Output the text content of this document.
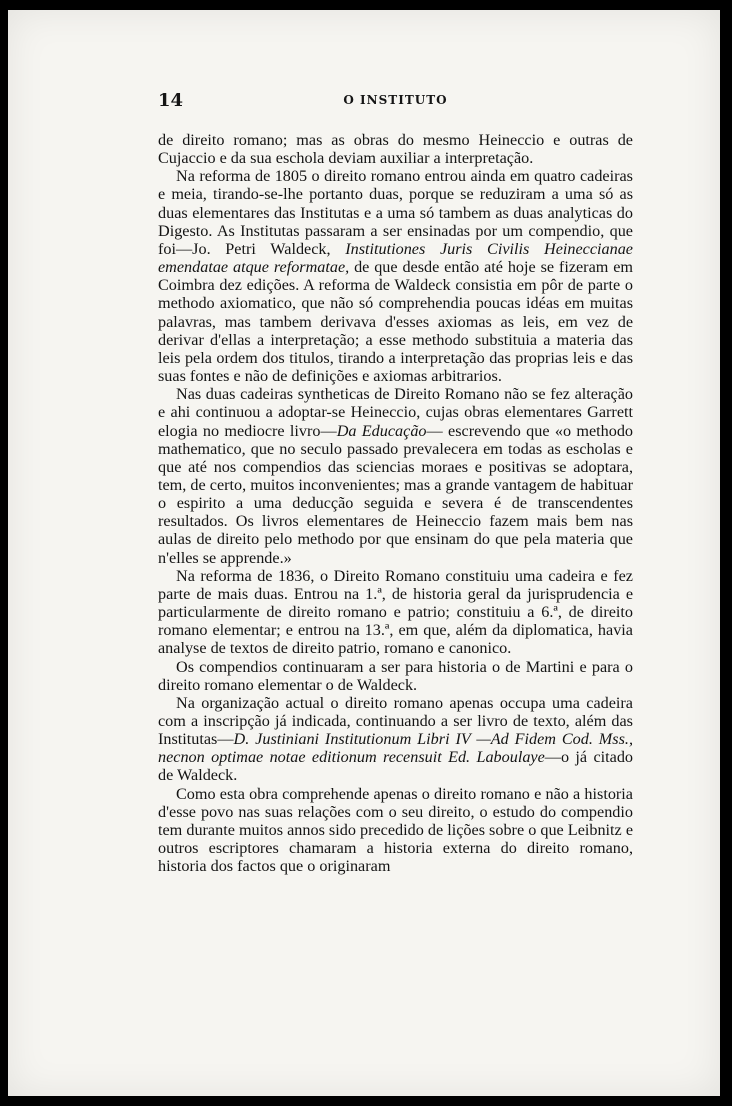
14	O INSTITUTO

de direito romano; mas as obras do mesmo Heineccio e outras de Cujaccio e da sua eschola deviam auxiliar a interpretação.

Na reforma de 1805 o direito romano entrou ainda em quatro cadeiras e meia, tirando-se-lhe portanto duas, porque se reduziram a uma só as duas elementares das Institutas e a uma só tambem as duas analyticas do Digesto. As Institutas passaram a ser ensinadas por um compendio, que foi—Jo. Petri Waldeck, Institutiones Juris Civilis Heineccianae emendatae atque reformatae, de que desde então até hoje se fizeram em Coimbra dez edições. A reforma de Waldeck consistia em pôr de parte o methodo axiomatico, que não só comprehendia poucas idéas em muitas palavras, mas tambem derivava d'esses axiomas as leis, em vez de derivar d'ellas a interpretação; a esse methodo substituia a materia das leis pela ordem dos titulos, tirando a interpretação das proprias leis e das suas fontes e não de definições e axiomas arbitrarios.

Nas duas cadeiras syntheticas de Direito Romano não se fez alteração e ahi continuou a adoptar-se Heineccio, cujas obras elementares Garrett elogia no mediocre livro—Da Educação— escrevendo que «o methodo mathematico, que no seculo passado prevalecera em todas as escholas e que até nos compendios das sciencias moraes e positivas se adoptara, tem, de certo, muitos inconvenientes; mas a grande vantagem de habituar o espirito a uma deducção seguida e severa é de transcendentes resultados. Os livros elementares de Heineccio fazem mais bem nas aulas de direito pelo methodo por que ensinam do que pela materia que n'elles se apprende.»

Na reforma de 1836, o Direito Romano constituiu uma cadeira e fez parte de mais duas. Entrou na 1.ª, de historia geral da jurisprudencia e particularmente de direito romano e patrio; constituiu a 6.ª, de direito romano elementar; e entrou na 13.ª, em que, além da diplomatica, havia analyse de textos de direito patrio, romano e canonico.

Os compendios continuaram a ser para historia o de Martini e para o direito romano elementar o de Waldeck.

Na organização actual o direito romano apenas occupa uma cadeira com a inscripção já indicada, continuando a ser livro de texto, além das Institutas—D. Justiniani Institutionum Libri IV —Ad Fidem Cod. Mss., necnon optimae notae editionum recensuit Ed. Laboulaye—o já citado de Waldeck.

Como esta obra comprehende apenas o direito romano e não a historia d'esse povo nas suas relações com o seu direito, o estudo do compendio tem durante muitos annos sido precedido de lições sobre o que Leibnitz e outros escriptores chamaram a historia externa do direito romano, historia dos factos que o originaram
